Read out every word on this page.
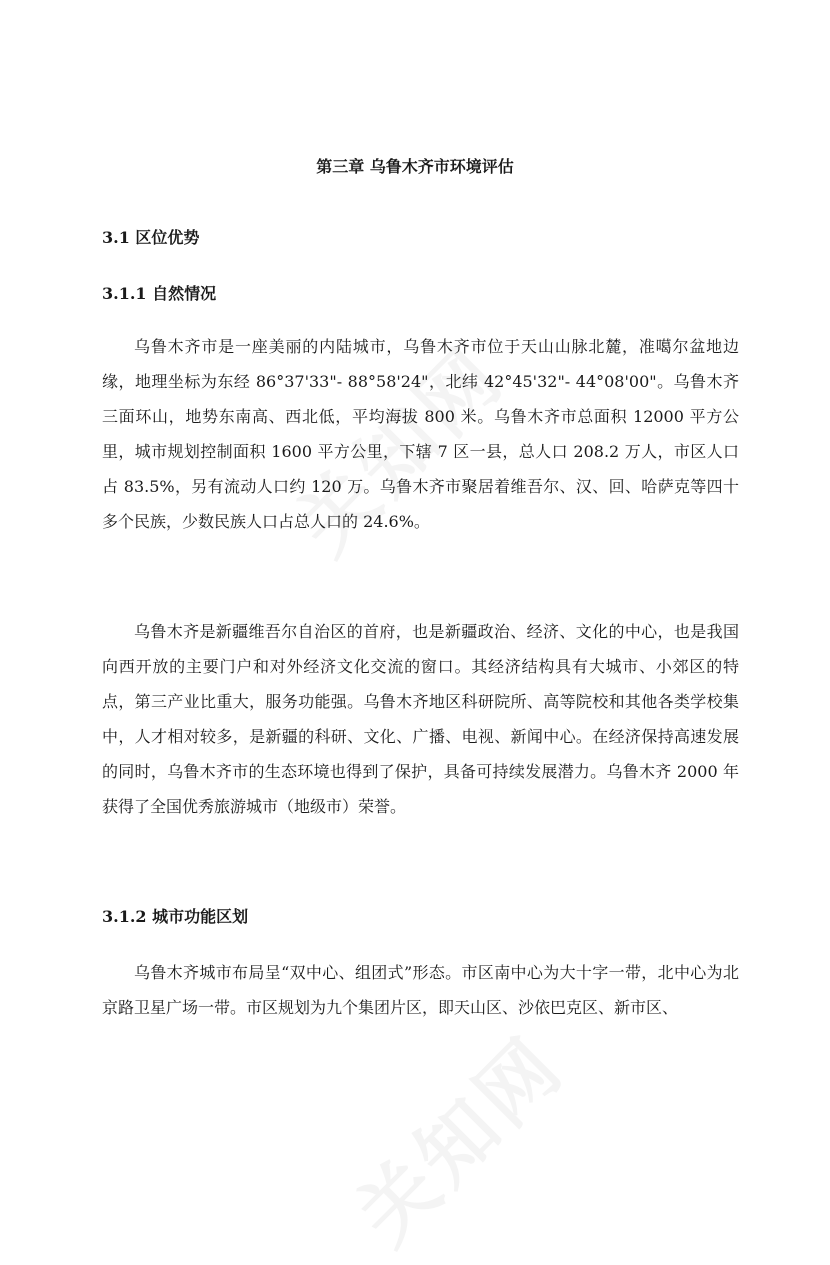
第三章 乌鲁木齐市环境评估
3.1 区位优势
3.1.1 自然情况

乌鲁木齐市是一座美丽的内陆城市，乌鲁木齐市位于天山山脉北麓，准噶尔盆地边缘，地理坐标为东经 86°37'33"- 88°58'24"，北纬 42°45'32"- 44°08'00"。乌鲁木齐三面环山，地势东南高、西北低，平均海拔 800 米。乌鲁木齐市总面积 12000 平方公里，城市规划控制面积 1600 平方公里，下辖 7 区一县，总人口 208.2 万人，市区人口占 83.5%，另有流动人口约 120 万。乌鲁木齐市聚居着维吾尔、汉、回、哈萨克等四十多个民族，少数民族人口占总人口的 24.6%。

乌鲁木齐是新疆维吾尔自治区的首府，也是新疆政治、经济、文化的中心，也是我国向西开放的主要门户和对外经济文化交流的窗口。其经济结构具有大城市、小郊区的特点，第三产业比重大，服务功能强。乌鲁木齐地区科研院所、高等院校和其他各类学校集中，人才相对较多，是新疆的科研、文化、广播、电视、新闻中心。在经济保持高速发展的同时，乌鲁木齐市的生态环境也得到了保护，具备可持续发展潜力。乌鲁木齐 2000 年获得了全国优秀旅游城市（地级市）荣誉。

3.1.2 城市功能区划

乌鲁木齐城市布局呈“双中心、组团式”形态。市区南中心为大十字一带，北中心为北京路卫星广场一带。市区规划为九个集团片区，即天山区、沙依巴克区、新市区、
